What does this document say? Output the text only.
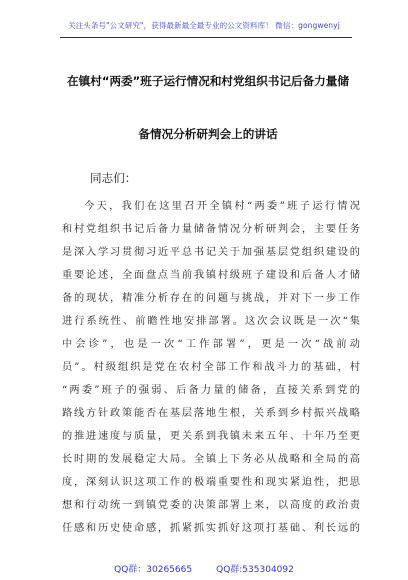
关注头条号"公文研究"，获得最新最全最专业的公文资料库！ 微信：gongwenyj
在镇村“两委”班子运行情况和村党组织书记后备力量储
备情况分析研判会上的讲话
同志们：
今天，我们在这里召开全镇村“两委”班子运行情况
和村党组织书记后备力量储备情况分析研判会，主要任务
是深入学习贯彻习近平总书记关于加强基层党组织建设的
重要论述，全面盘点当前我镇村级班子建设和后备人才储
备的现状，精准分析存在的问题与挑战，并对下一步工作
进行系统性、前瞻性地安排部署。这次会议既是一次“集
中会诊”，也是一次“工作部署”，更是一次“战前动
员”。村级组织是党在农村全部工作和战斗力的基础，村
“两委”班子的强弱、后备力量的储备，直接关系到党的
路线方针政策能否在基层落地生根，关系到乡村振兴战略
的推进速度与质量，更关系到我镇未来五年、十年乃至更
长时期的发展稳定大局。全镇上下务必从战略和全局的高
度，深刻认识这项工作的极端重要性和现实紧迫性，把思
想和行动统一到镇党委的决策部署上来，以高度的政治责
任感和历史使命感，抓紧抓实抓好这项打基础、利长远的
QQ群：30265665	QQ群:535304092
